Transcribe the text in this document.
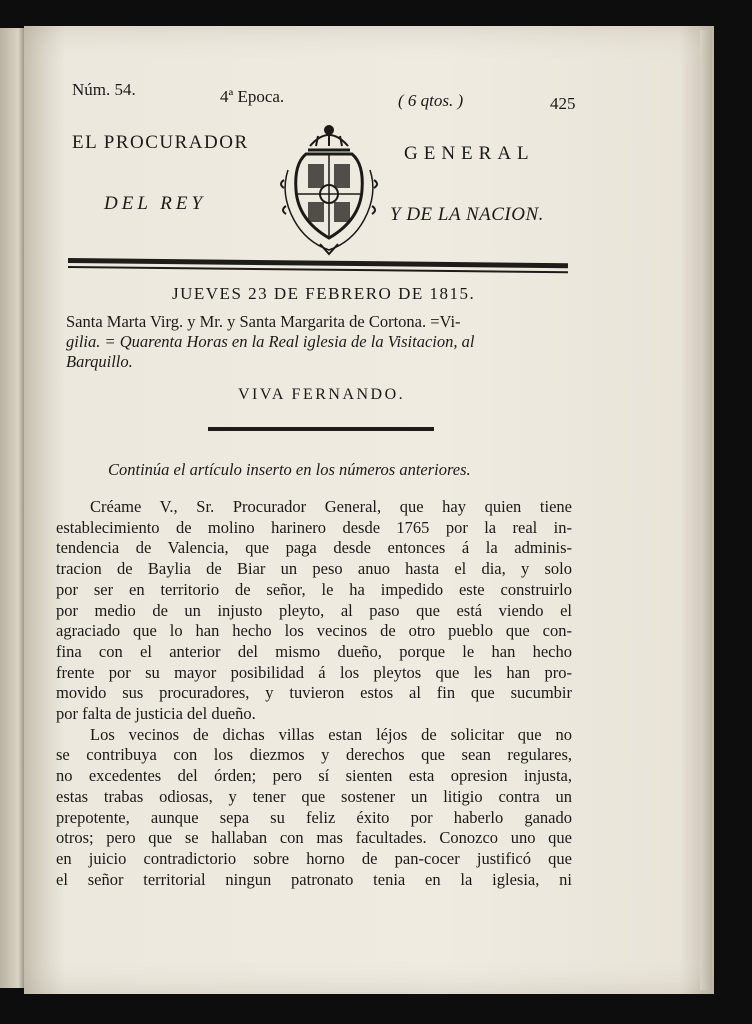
Núm. 54.	4ª Epoca.	( 6 qtos. )	425
EL PROCURADOR
GENERAL
DEL REY
Y DE LA NACION.
JUEVES 23 DE FEBRERO DE 1815.

Santa Marta Virg. y Mr. y Santa Margarita de Cortona. =Vi-

gilia. = Quarenta Horas en la Real iglesia de la Visitacion, al

Barquillo.

VIVA FERNANDO.
Continúa el artículo inserto en los números anteriores.
Créame V., Sr. Procurador General, que hay quien tiene
establecimiento de molino harinero desde 1765 por la real in-
tendencia de Valencia, que paga desde entonces á la adminis-
tracion de Baylia de Biar un peso anuo hasta el dia, y solo
por ser en territorio de señor, le ha impedido este construirlo
por medio de un injusto pleyto, al paso que está viendo el
agraciado que lo han hecho los vecinos de otro pueblo que con-
fina con el anterior del mismo dueño, porque le han hecho
frente por su mayor posibilidad á los pleytos que les han pro-
movido sus procuradores, y tuvieron estos al fin que sucumbir
por falta de justicia del dueño.
Los vecinos de dichas villas estan léjos de solicitar que no
se contribuya con los diezmos y derechos que sean regulares,
no excedentes del órden; pero sí sienten esta opresion injusta,
estas trabas odiosas, y tener que sostener un litigio contra un
prepotente, aunque sepa su feliz éxito por haberlo ganado
otros; pero que se hallaban con mas facultades. Conozco uno que
en juicio contradictorio sobre horno de pan-cocer justificó que
el señor territorial ningun patronato tenia en la iglesia, ni
